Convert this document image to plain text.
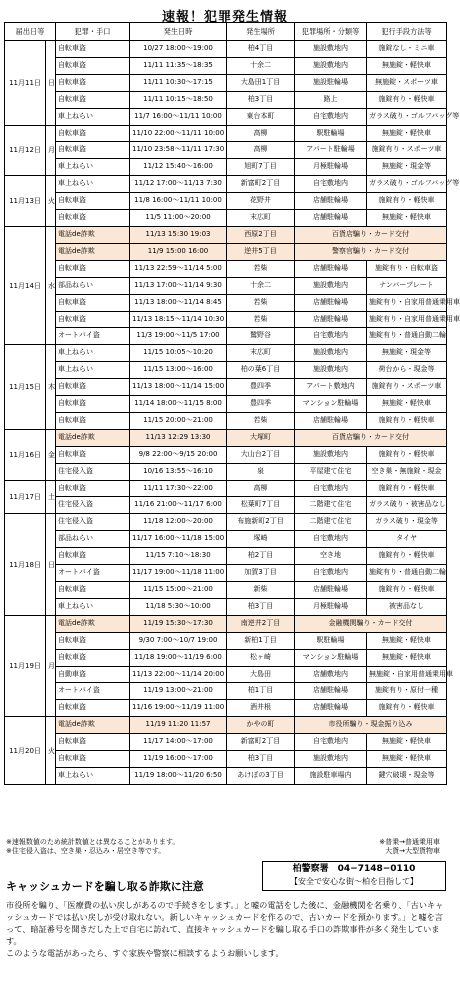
速報！犯罪発生情報
届出日等		犯罪・手口	発生日時	発生場所	犯罪場所・分類等	犯行手段方法等
11月11日	日	自転車盗	10/27 18:00～19:00	柏4丁目	施設敷地内	施錠なし・ミニ車
		自転車盗	11/11 11:35～18:35	十余二	施設敷地内	無施錠・軽快車
		自転車盗	11/11 10:30～17:15	大島田1丁目	施設駐輪場	無施錠・スポーツ車
		自転車盗	11/11 10:15～18:50	柏3丁目	路上	施錠有り・軽快車
		車上ねらい	11/7 16:00～11/11 10:00	東台本町	自宅敷地内	ガラス破り・ゴルフバッグ等
11月12日	月	自転車盗	11/10 22:00～11/11 10:00	高柳	駅駐輪場	無施錠・軽快車
		自転車盗	11/10 23:58～11/11 17:30	高柳	アパート駐輪場	施錠有り・スポーツ車
		車上ねらい	11/12 15:40～16:00	旭町7丁目	月極駐輪場	無施錠・現金等
11月13日	火	車上ねらい	11/12 17:00～11/13 7:30	新富町2丁目	自宅敷地内	ガラス破り・ゴルフバッグ等
		自転車盗	11/8 16:00～11/11 10:00	花野井	店舗駐輪場	施錠有り・軽快車
		自転車盗	11/5 11:00～20:00	末広町	店舗駐輪場	無施錠・軽快車
11月14日	水	電話de詐欺	11/13 15:30 19:03	西原2丁目	百貨店騙り・カード交付	
		電話de詐欺	11/9 15:00 16:00	逆井5丁目	警察官騙り・カード交付	
		自転車盗	11/13 22:59～11/14 5:00	若柴	店舗駐輪場	施錠有り・自転車盗
		部品ねらい	11/13 17:00～11/14 9:30	十余二	施設敷地内	ナンバープレート
		自転車盗	11/13 18:00～11/14 8:45	若柴	店舗駐輪場	施錠有り・自家用普通乗用車
		自転車盗	11/13 18:15～11/14 10:30	若柴	店舗駐輪場	施錠有り・自家用普通乗用車
		オートバイ盗	11/3 19:00～11/5 17:00	鷲野谷	自宅敷地内	施錠有り・普通自動二輪
11月15日	木	車上ねらい	11/15 10:05～10:20	末広町	施設敷地内	無施錠・現金等
		車上ねらい	11/15 13:00～16:00	柏の葉6丁目	施設敷地内	荷台から・現金等
		自転車盗	11/13 18:00～11/14 15:00	豊四季	アパート敷地内	施錠有り・スポーツ車
		自転車盗	11/14 18:00～11/15 8:00	豊四季	マンション駐輪場	無施錠・軽快車
		自転車盗	11/15 20:00～21:00	若柴	店舗駐輪場	施錠有り・軽快車
11月16日	金	電話de詐欺	11/13 12:29 13:30	大塚町	百貨店騙り・カード交付	
		自転車盗	9/8 22:00～9/15 20:00	大山台2丁目	施設敷地内	施錠有り・軽快車
		住宅侵入盗	10/16 13:55～16:10	泉	平屋建て住宅	空き巣・無施錠・現金
11月17日	土	自転車盗	11/11 17:30～22:00	高柳	自宅敷地内	施錠有り・軽快車
		住宅侵入盗	11/16 21:00～11/17 6:00	松葉町7丁目	二階建て住宅	ガラス破り・被害品なし
11月18日	日	住宅侵入盗	11/18 12:00～20:00	布施新町2丁目	二階建て住宅	ガラス破り・現金等
		部品ねらい	11/17 16:00～11/18 15:00	塚崎	自宅敷地内	タイヤ
		自転車盗	11/15 7:10～18:30	柏2丁目	空き地	施錠有り・軽快車
		オートバイ盗	11/17 19:00～11/18 11:00	加賀3丁目	自宅敷地内	施錠有り・普通自動二輪
		自転車盗	11/15 15:00～21:00	新柴	店舗駐輪場	施錠有り・軽快車
		車上ねらい	11/18 5:30～10:00	柏3丁目	月極駐輪場	被害品なし
11月19日	月	電話de詐欺	11/19 15:30～17:30	南逆井2丁目	金融機関騙り・カード交付	
		自転車盗	9/30 7:00～10/7 19:00	新柏1丁目	駅駐輪場	無施錠・軽快車
		自転車盗	11/18 19:00～11/19 6:00	松ヶ崎	マンション駐輪場	無施錠・軽快車
		自動車盗	11/13 22:00～11/14 20:00	大島田	店舗敷地内	無施錠・自家用普通乗用車
		オートバイ盗	11/19 13:00～21:00	柏1丁目	店舗駐輪場	施錠有り・原付一種
		自転車盗	11/16 19:00～11/19 11:00	酒井根	店舗駐輪場	施錠有り・軽快車
11月20日	火	電話de詐欺	11/19 11:20 11:57	かやの町	市役所騙り・現金振り込み	
		自転車盗	11/17 14:00～17:00	新富町2丁目	自宅敷地内	無施錠・軽快車
		自転車盗	11/19 16:00～17:00	柏3丁目	施設敷地内	無施錠・軽快車
		車上ねらい	11/19 18:00～11/20 6:50	あけぼの3丁目	施設駐車場内	鍵穴破壊・現金等
※速報数値のため統計数値とは異なることがあります。
※住宅侵入盗は、空き巣・忍込み・居空き等です。
※普乗→普通乗用車
大貨→大型貨物車
柏警察署　04−7148−0110
【安全で安心な街〜柏を目指して】
キャッシュカードを騙し取る詐欺に注意

市役所を騙り、「医療費の払い戻しがあるので手続きをします。」と嘘の電話をした後に、金融機関を名乗り、「古いキャッシュカードでは払い戻しが受け取れない。新しいキャッシュカードを作るので、古いカードを預かります。」と嘘を言って、暗証番号を聞きだした上で自宅に訪れて、直接キャッシュカードを騙し取る手口の詐欺事件が多く発生しています。

このような電話があったら、すぐ家族や警察に相談するようお願いします。
